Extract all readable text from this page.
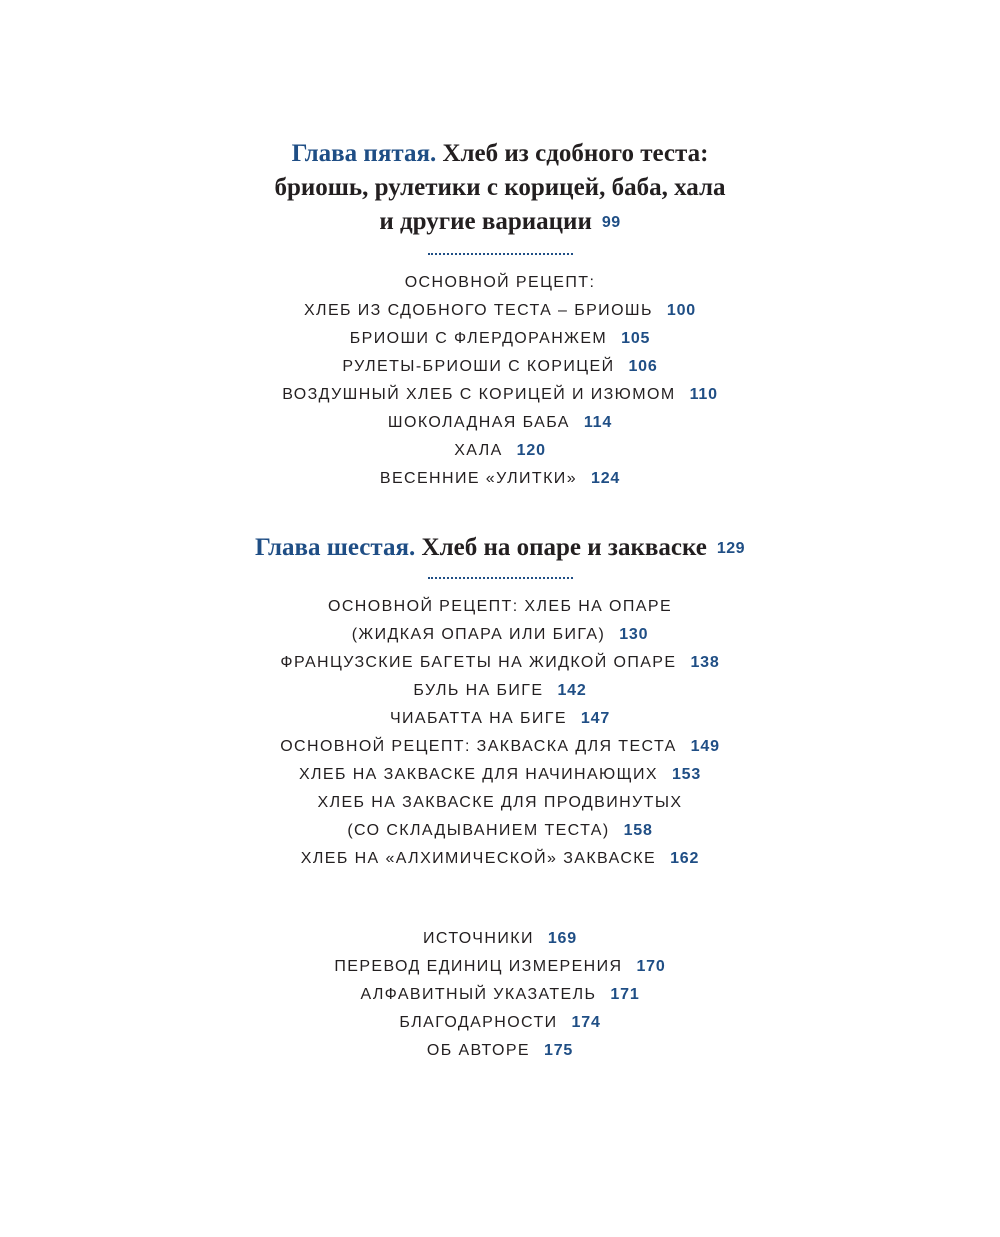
Глава пятая. Хлеб из сдобного теста:
бриошь, рулетики с корицей, баба, хала
и другие вариации 99
ОСНОВНОЙ РЕЦЕПТ:
ХЛЕБ ИЗ СДОБНОГО ТЕСТА – БРИОШЬ 100
БРИОШИ С ФЛЕРДОРАНЖЕМ 105
РУЛЕТЫ-БРИОШИ С КОРИЦЕЙ 106
ВОЗДУШНЫЙ ХЛЕБ С КОРИЦЕЙ И ИЗЮМОМ 110
ШОКОЛАДНАЯ БАБА 114
ХАЛА 120
ВЕСЕННИЕ «УЛИТКИ» 124
Глава шестая. Хлеб на опаре и закваске 129
ОСНОВНОЙ РЕЦЕПТ: ХЛЕБ НА ОПАРЕ
(ЖИДКАЯ ОПАРА ИЛИ БИГА) 130
ФРАНЦУЗСКИЕ БАГЕТЫ НА ЖИДКОЙ ОПАРЕ 138
БУЛЬ НА БИГЕ 142
ЧИАБАТТА НА БИГЕ 147
ОСНОВНОЙ РЕЦЕПТ: ЗАКВАСКА ДЛЯ ТЕСТА 149
ХЛЕБ НА ЗАКВАСКЕ ДЛЯ НАЧИНАЮЩИХ 153
ХЛЕБ НА ЗАКВАСКЕ ДЛЯ ПРОДВИНУТЫХ
(СО СКЛАДЫВАНИЕМ ТЕСТА) 158
ХЛЕБ НА «АЛХИМИЧЕСКОЙ» ЗАКВАСКЕ 162
ИСТОЧНИКИ 169
ПЕРЕВОД ЕДИНИЦ ИЗМЕРЕНИЯ 170
АЛФАВИТНЫЙ УКАЗАТЕЛЬ 171
БЛАГОДАРНОСТИ 174
ОБ АВТОРЕ 175
